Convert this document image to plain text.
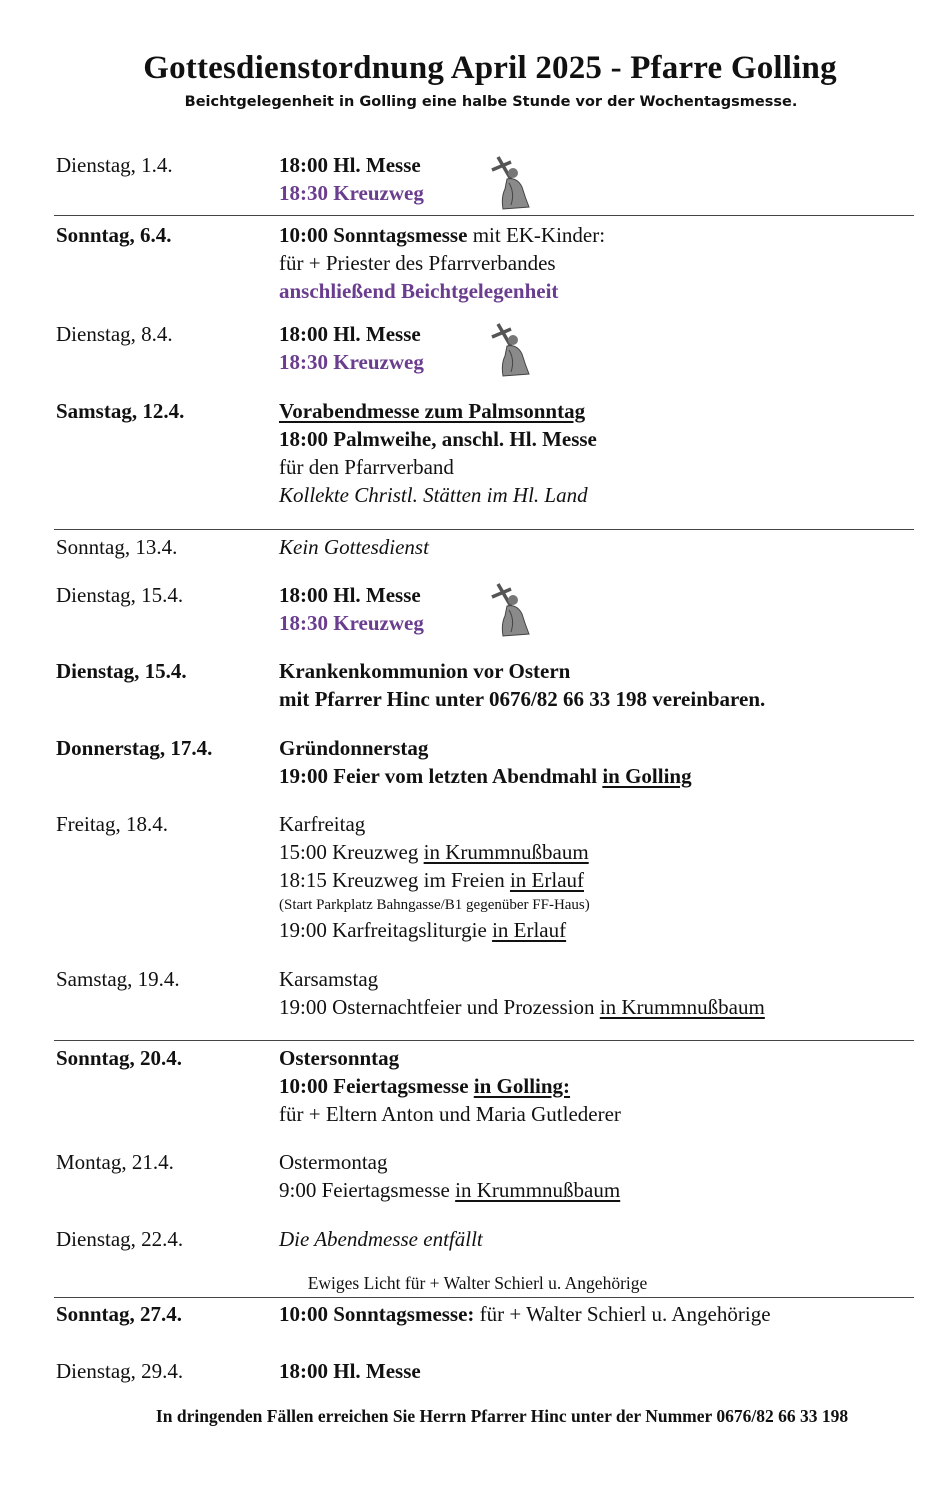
Gottesdienstordnung April 2025 - Pfarre Golling
Beichtgelegenheit in Golling eine halbe Stunde vor der Wochentagsmesse.
Dienstag, 1.4.	18:00 Hl. Messe
18:30 Kreuzweg
Sonntag, 6.4.	10:00 Sonntagsmesse mit EK-Kinder:
für + Priester des Pfarrverbandes
anschließend Beichtgelegenheit
Dienstag, 8.4.	18:00 Hl. Messe
18:30 Kreuzweg
Samstag, 12.4.	Vorabendmesse zum Palmsonntag
18:00 Palmweihe, anschl. Hl. Messe
für den Pfarrverband
Kollekte Christl. Stätten im Hl. Land
Sonntag, 13.4.	Kein Gottesdienst
Dienstag, 15.4.	18:00 Hl. Messe
18:30 Kreuzweg
Dienstag, 15.4.	Krankenkommunion vor Ostern
mit Pfarrer Hinc unter 0676/82 66 33 198 vereinbaren.
Donnerstag, 17.4.	Gründonnerstag
19:00 Feier vom letzten Abendmahl in Golling
Freitag, 18.4.	Karfreitag
15:00 Kreuzweg in Krummnußbaum
18:15 Kreuzweg im Freien in Erlauf
(Start Parkplatz Bahngasse/B1 gegenüber FF-Haus)
19:00 Karfreitagsliturgie in Erlauf
Samstag, 19.4.	Karsamstag
19:00 Osternachtfeier und Prozession in Krummnußbaum
Sonntag, 20.4.	Ostersonntag
10:00 Feiertagsmesse in Golling:
für + Eltern Anton und Maria Gutlederer
Montag, 21.4.	Ostermontag
9:00 Feiertagsmesse in Krummnußbaum
Dienstag, 22.4.	Die Abendmesse entfällt
Ewiges Licht für + Walter Schierl u. Angehörige
Sonntag, 27.4.	10:00 Sonntagsmesse: für + Walter Schierl u. Angehörige
Dienstag, 29.4.	18:00 Hl. Messe
In dringenden Fällen erreichen Sie Herrn Pfarrer Hinc unter der Nummer 0676/82 66 33 198
